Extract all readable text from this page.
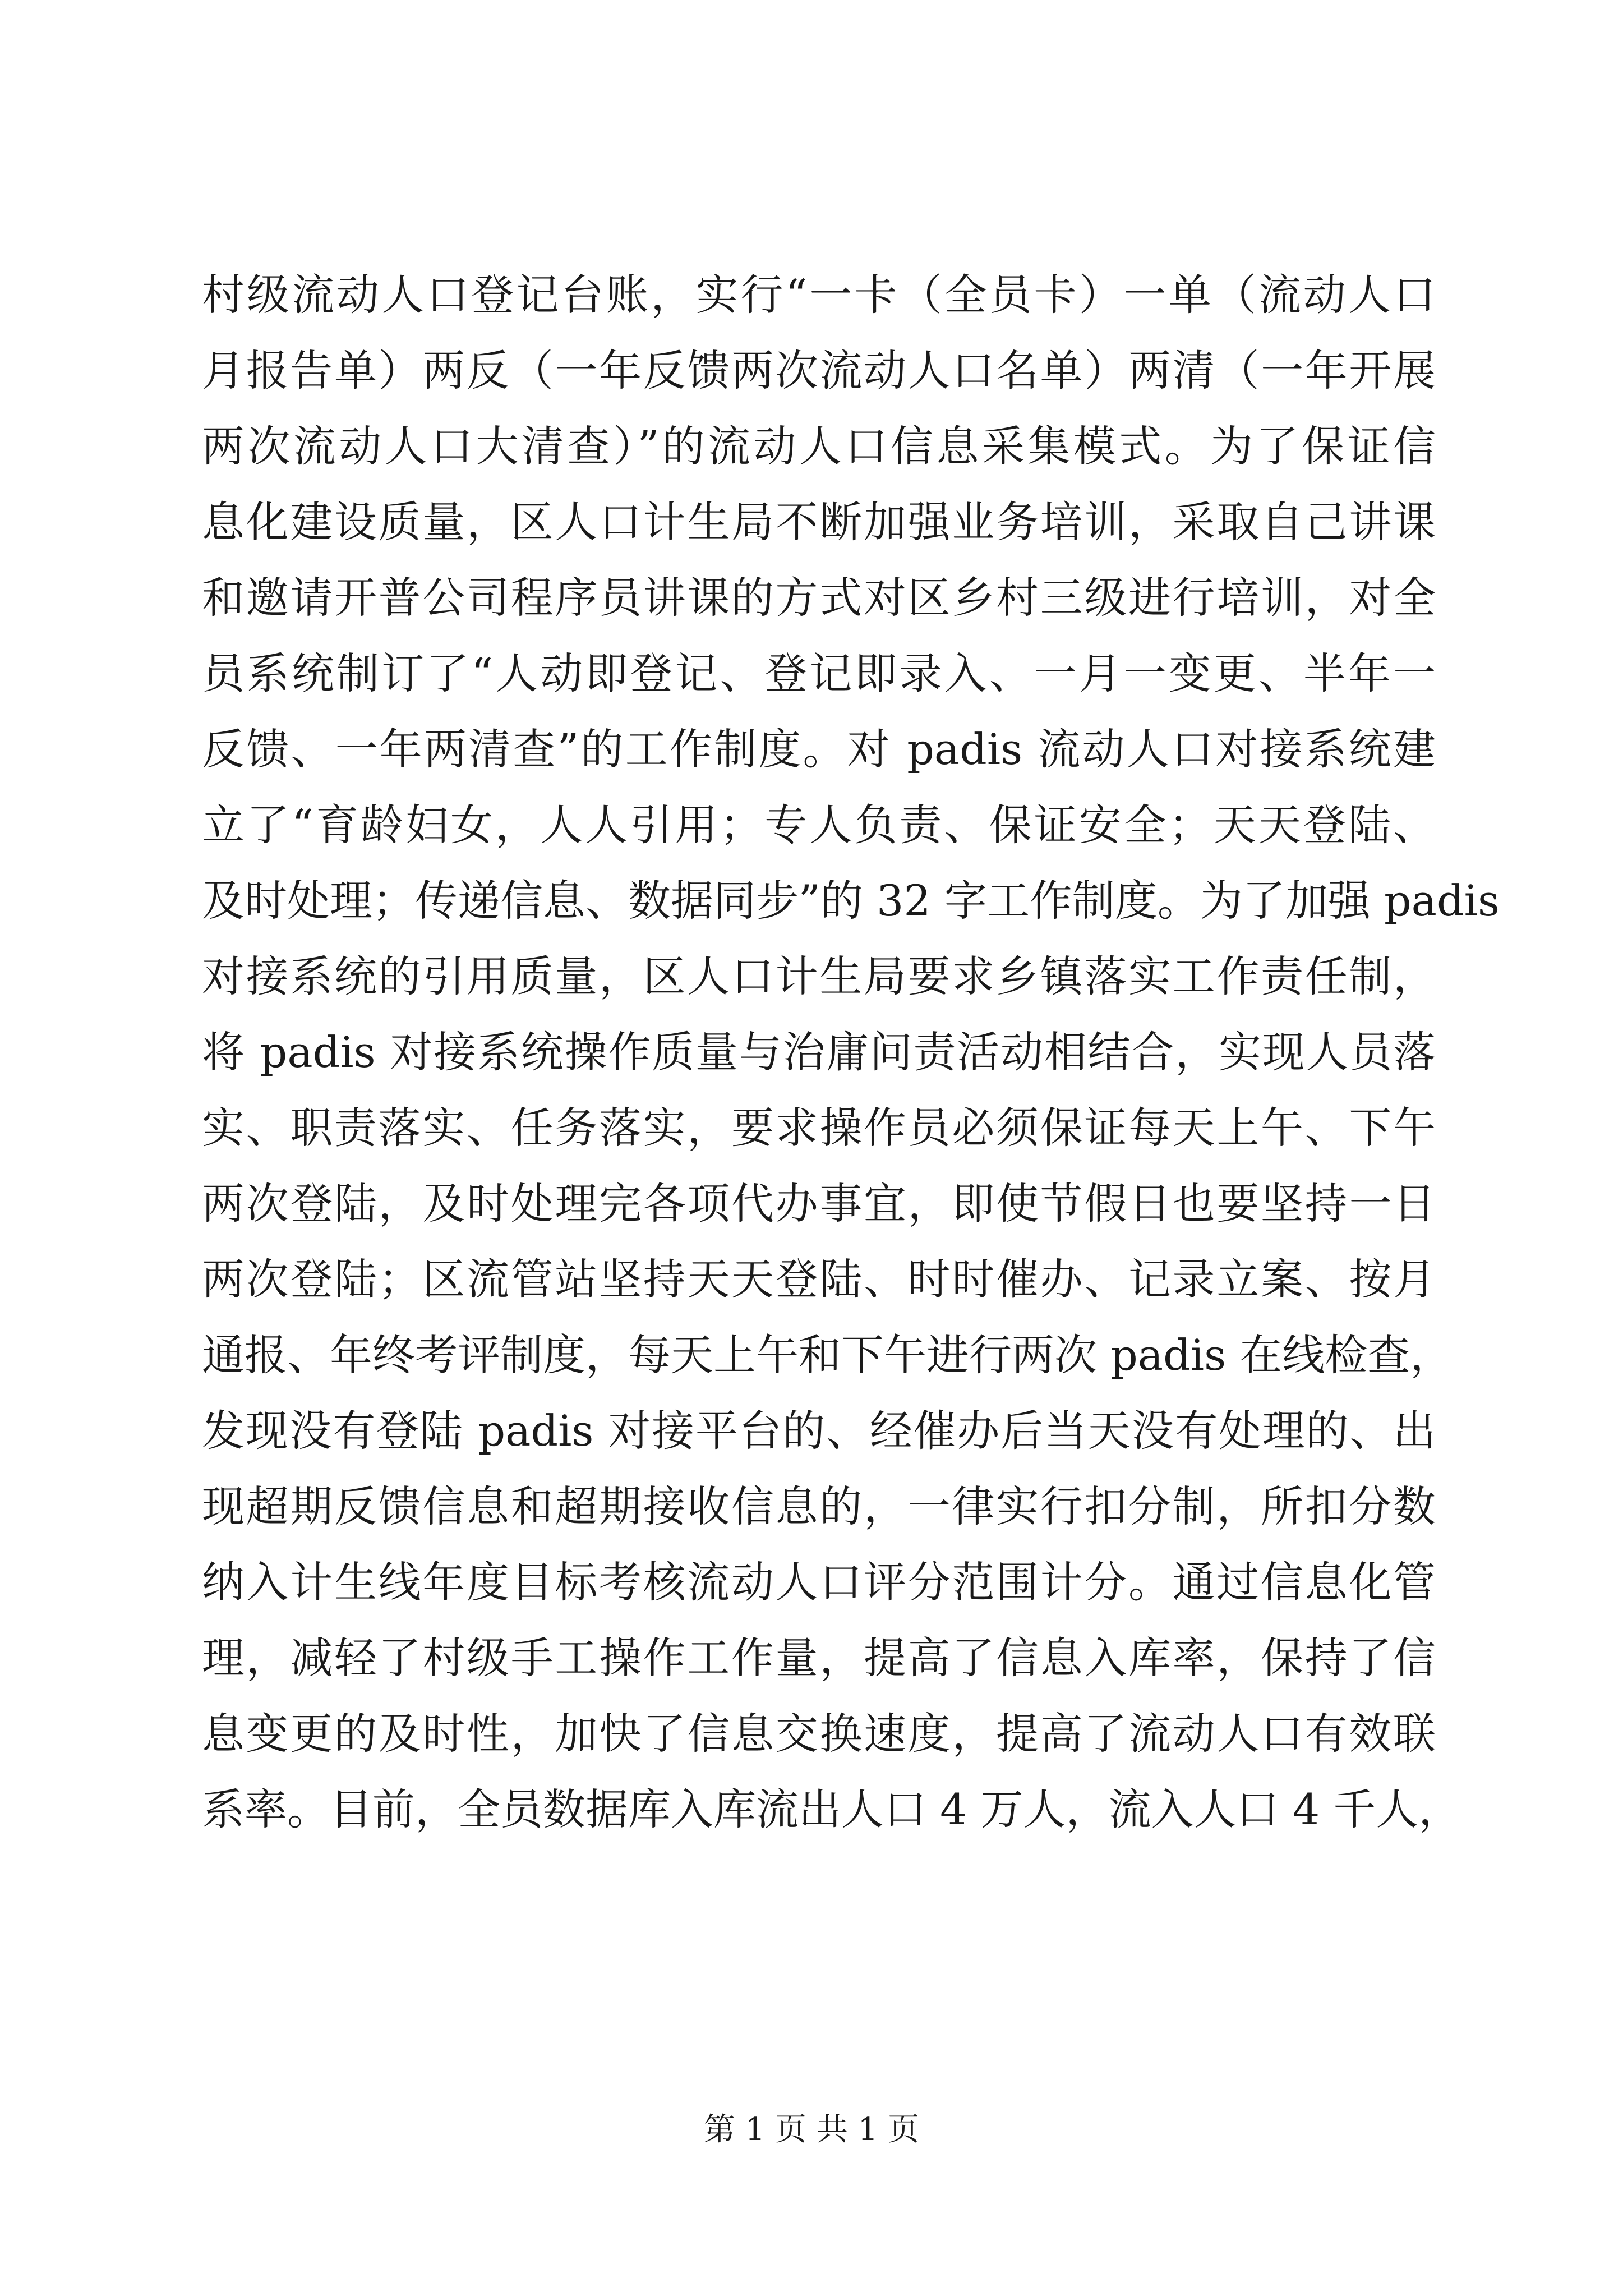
村级流动人口登记台账，实行“一卡（全员卡）一单（流动人口
月报告单）两反（一年反馈两次流动人口名单）两清（一年开展
两次流动人口大清查）”的流动人口信息采集模式。为了保证信
息化建设质量，区人口计生局不断加强业务培训，采取自己讲课
和邀请开普公司程序员讲课的方式对区乡村三级进行培训，对全
员系统制订了“人动即登记、登记即录入、一月一变更、半年一
反馈、一年两清查”的工作制度。对 padis 流动人口对接系统建
立了“育龄妇女，人人引用；专人负责、保证安全；天天登陆、
及时处理；传递信息、数据同步”的 32 字工作制度。为了加强 padis
对接系统的引用质量，区人口计生局要求乡镇落实工作责任制，
将 padis 对接系统操作质量与治庸问责活动相结合，实现人员落
实、职责落实、任务落实，要求操作员必须保证每天上午、下午
两次登陆，及时处理完各项代办事宜，即使节假日也要坚持一日
两次登陆；区流管站坚持天天登陆、时时催办、记录立案、按月
通报、年终考评制度，每天上午和下午进行两次 padis 在线检查，
发现没有登陆 padis 对接平台的、经催办后当天没有处理的、出
现超期反馈信息和超期接收信息的，一律实行扣分制，所扣分数
纳入计生线年度目标考核流动人口评分范围计分。通过信息化管
理，减轻了村级手工操作工作量，提高了信息入库率，保持了信
息变更的及时性，加快了信息交换速度，提高了流动人口有效联
系率。目前，全员数据库入库流出人口 4 万人，流入人口 4 千人，
第 1 页 共 1 页
